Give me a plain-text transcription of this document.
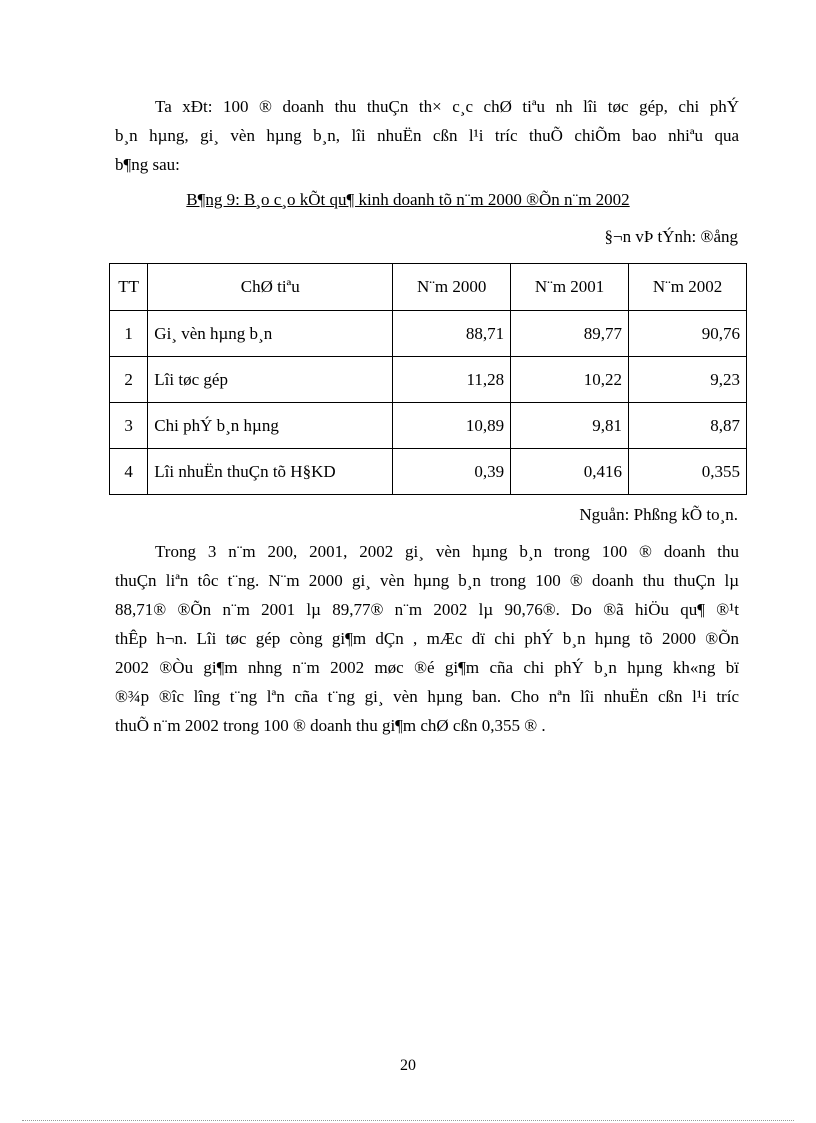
Ta xÐt: 100 ® doanh thu thuÇn th× c¸c chØ tiªu nh lîi tøc gép, chi phÝ
b¸n hµng, gi¸ vèn hµng b¸n, lîi nhuËn cßn l¹i tríc thuÕ chiÕm bao nhiªu qua
b¶ng sau:
B¶ng 9: B¸o c¸o kÕt qu¶ kinh doanh tõ n¨m 2000 ®Õn n¨m 2002
§¬n vÞ tÝnh: ®ång
TT	ChØ tiªu	N¨m 2000	N¨m 2001	N¨m 2002
1	Gi¸ vèn hµng b¸n	88,71	89,77	90,76
2	Lîi tøc gép	11,28	10,22	9,23
3	Chi phÝ b¸n hµng	10,89	9,81	8,87
4	Lîi nhuËn thuÇn tõ H§KD	0,39	0,416	0,355
Nguån: Phßng kÕ to¸n.
Trong 3 n¨m 200, 2001, 2002 gi¸ vèn hµng b¸n trong 100 ® doanh thu
thuÇn liªn tôc t¨ng. N¨m 2000 gi¸ vèn hµng b¸n trong 100 ® doanh thu thuÇn lµ
88,71® ®Õn n¨m 2001 lµ 89,77® n¨m 2002 lµ 90,76®. Do ®ã hiÖu qu¶ ®¹t
thÊp h¬n. Lîi tøc gép còng gi¶m dÇn , mÆc dï chi phÝ b¸n hµng tõ 2000 ®Õn
2002 ®Òu gi¶m nhng n¨m 2002 møc ®é gi¶m cña chi phÝ b¸n hµng kh«ng bï
®¾p ®îc lîng t¨ng lªn cña t¨ng gi¸ vèn hµng ban. Cho nªn lîi nhuËn cßn l¹i tríc
thuÕ n¨m 2002 trong 100 ® doanh thu gi¶m chØ cßn 0,355 ® .
20
